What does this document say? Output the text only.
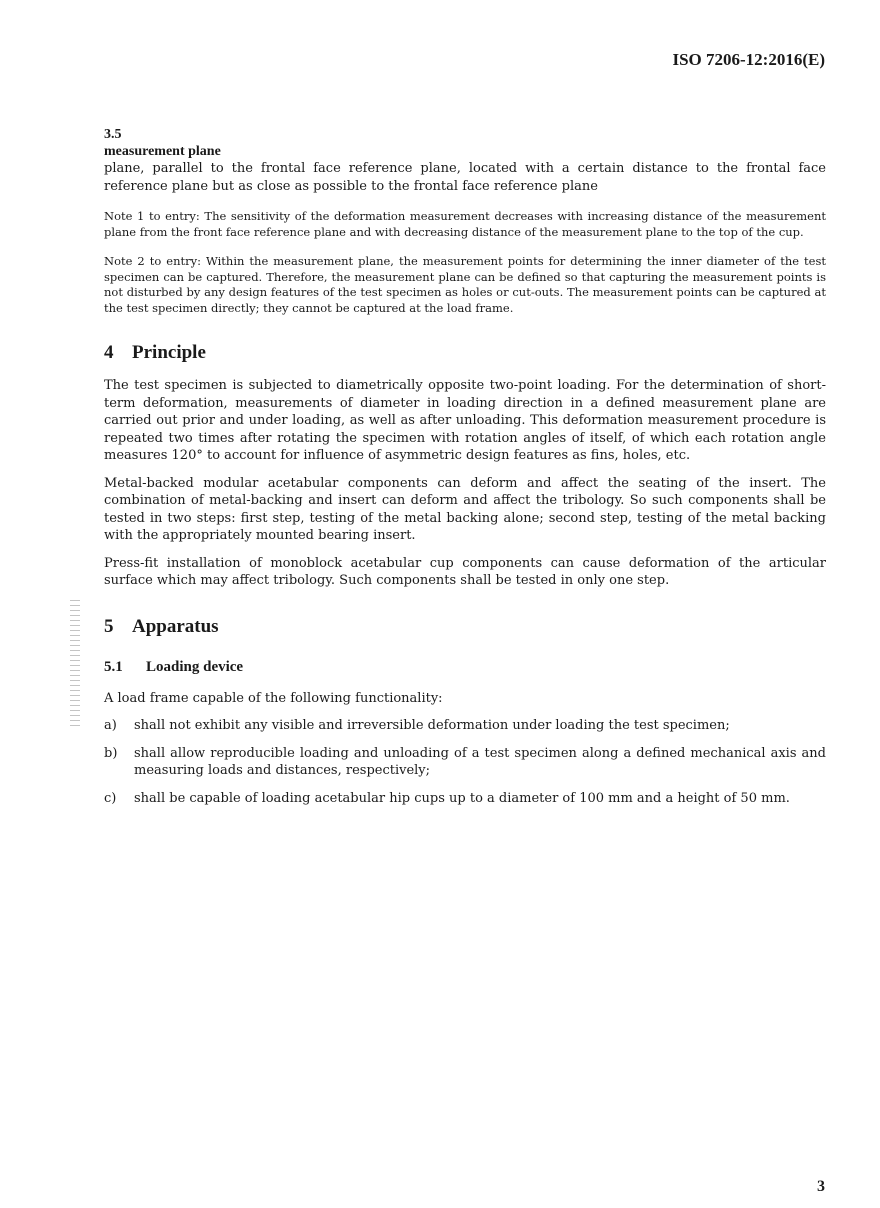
ISO 7206-12:2016(E)
3.5
measurement plane

plane, parallel to the frontal face reference plane, located with a certain distance to the frontal face reference plane but as close as possible to the frontal face reference plane

Note 1 to entry: The sensitivity of the deformation measurement decreases with increasing distance of the measurement plane from the front face reference plane and with decreasing distance of the measurement plane to the top of the cup.

Note 2 to entry: Within the measurement plane, the measurement points for determining the inner diameter of the test specimen can be captured. Therefore, the measurement plane can be defined so that capturing the measurement points is not disturbed by any design features of the test specimen as holes or cut-outs. The measurement points can be captured at the test specimen directly; they cannot be captured at the load frame.

4 Principle

The test specimen is subjected to diametrically opposite two-point loading. For the determination of short-term deformation, measurements of diameter in loading direction in a defined measurement plane are carried out prior and under loading, as well as after unloading. This deformation measurement procedure is repeated two times after rotating the specimen with rotation angles of itself, of which each rotation angle measures 120° to account for influence of asymmetric design features as fins, holes, etc.

Metal-backed modular acetabular components can deform and affect the seating of the insert. The combination of metal-backing and insert can deform and affect the tribology. So such components shall be tested in two steps: first step, testing of the metal backing alone; second step, testing of the metal backing with the appropriately mounted bearing insert.

Press-fit installation of monoblock acetabular cup components can cause deformation of the articular surface which may affect tribology. Such components shall be tested in only one step.

5 Apparatus
5.1 Loading device

A load frame capable of the following functionality:

a) shall not exhibit any visible and irreversible deformation under loading the test specimen;
b) shall allow reproducible loading and unloading of a test specimen along a defined mechanical axis and measuring loads and distances, respectively;
c) shall be capable of loading acetabular hip cups up to a diameter of 100 mm and a height of 50 mm.
3
